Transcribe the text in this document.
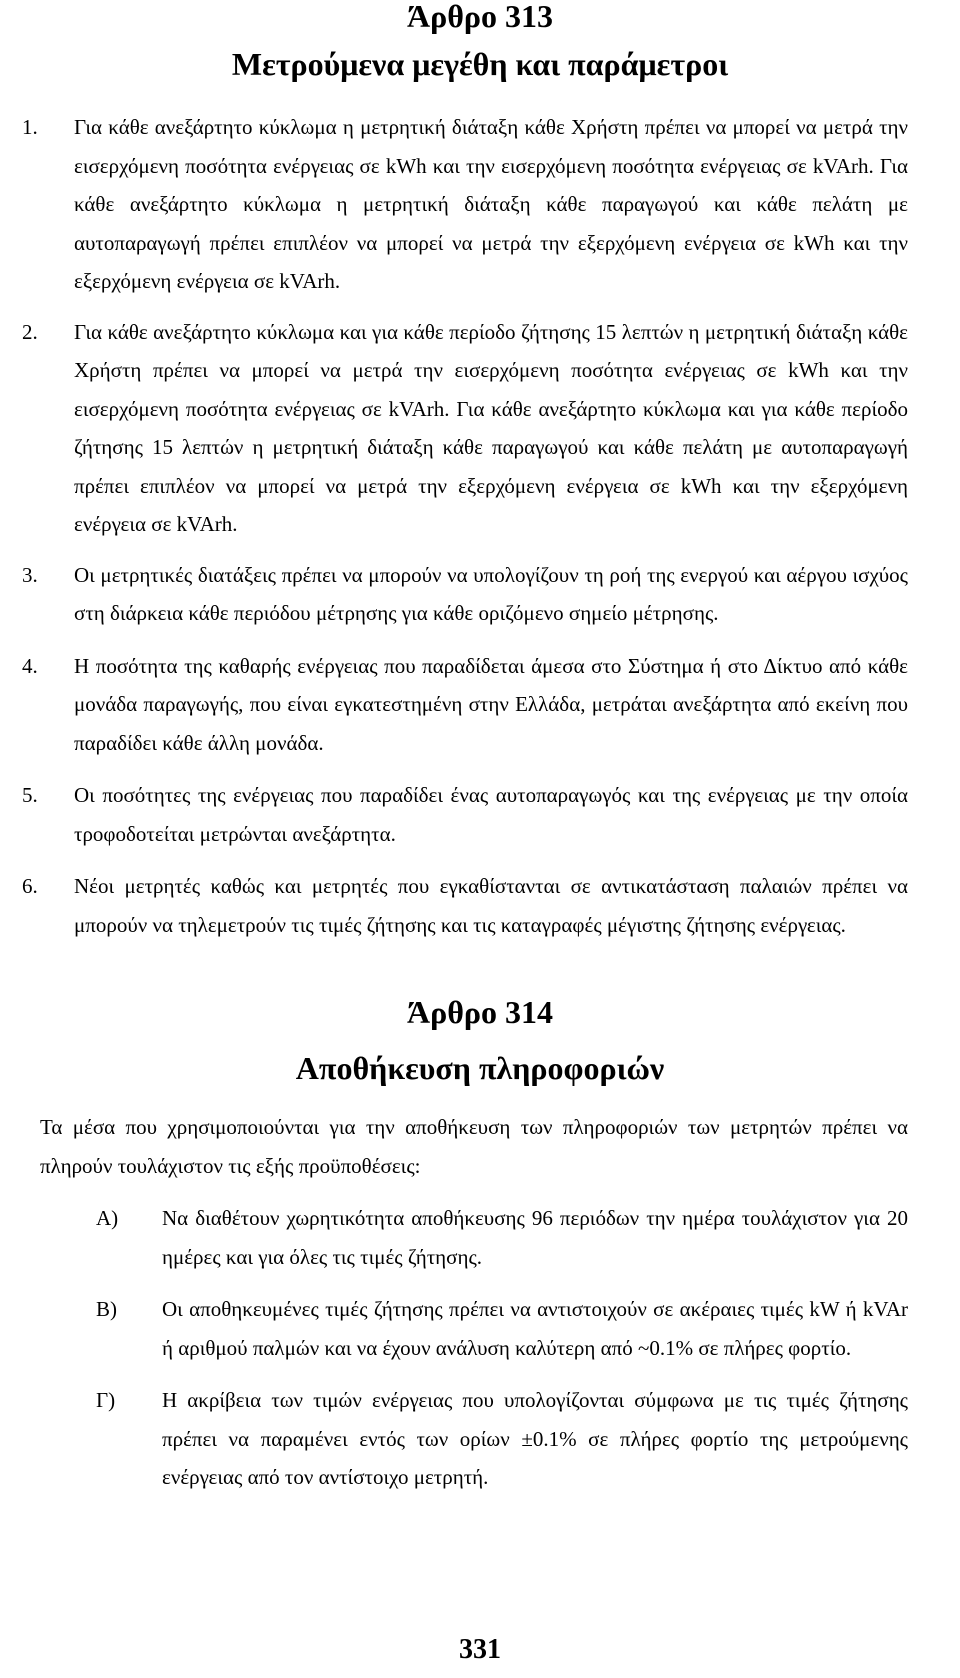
Άρθρο 313
Μετρούμενα μεγέθη και παράμετροι
1.	Για κάθε ανεξάρτητο κύκλωμα η μετρητική διάταξη κάθε Χρήστη πρέπει να μπορεί να μετρά την εισερχόμενη ποσότητα ενέργειας σε kWh και την εισερχόμενη ποσότητα ενέργειας σε kVArh. Για κάθε ανεξάρτητο κύκλωμα η μετρητική διάταξη κάθε παραγωγού και κάθε πελάτη με αυτοπαραγωγή πρέπει επιπλέον να μπορεί να μετρά την εξερχόμενη ενέργεια σε kWh και την εξερχόμενη ενέργεια σε kVArh.
2.	Για κάθε ανεξάρτητο κύκλωμα και για κάθε περίοδο ζήτησης 15 λεπτών η μετρητική διάταξη κάθε Χρήστη πρέπει να μπορεί να μετρά την εισερχόμενη ποσότητα ενέργειας σε kWh και την εισερχόμενη ποσότητα ενέργειας σε kVArh. Για κάθε ανεξάρτητο κύκλωμα και για κάθε περίοδο ζήτησης 15 λεπτών η μετρητική διάταξη κάθε παραγωγού και κάθε πελάτη με αυτοπαραγωγή πρέπει επιπλέον να μπορεί να μετρά την εξερχόμενη ενέργεια σε kWh και την εξερχόμενη ενέργεια σε kVArh.
3.	Οι μετρητικές διατάξεις πρέπει να μπορούν να υπολογίζουν τη ροή της ενεργού και αέργου ισχύος στη διάρκεια κάθε περιόδου μέτρησης για κάθε οριζόμενο σημείο μέτρησης.
4.	Η ποσότητα της καθαρής ενέργειας που παραδίδεται άμεσα στο Σύστημα ή στο Δίκτυο από κάθε μονάδα παραγωγής, που είναι εγκατεστημένη στην Ελλάδα, μετράται ανεξάρτητα από εκείνη που παραδίδει κάθε άλλη μονάδα.
5.	Οι ποσότητες της ενέργειας που παραδίδει ένας αυτοπαραγωγός και της ενέργειας με την οποία τροφοδοτείται μετρώνται ανεξάρτητα.
6.	Νέοι μετρητές καθώς και μετρητές που εγκαθίστανται σε αντικατάσταση παλαιών πρέπει να μπορούν να τηλεμετρούν τις τιμές ζήτησης και τις καταγραφές μέγιστης ζήτησης ενέργειας.
Άρθρο 314
Αποθήκευση πληροφοριών

Τα μέσα που χρησιμοποιούνται για την αποθήκευση των πληροφοριών των μετρητών πρέπει να πληρούν τουλάχιστον τις εξής προϋποθέσεις:

Α)	Να διαθέτουν χωρητικότητα αποθήκευσης 96 περιόδων την ημέρα τουλάχιστον για 20 ημέρες και για όλες τις τιμές ζήτησης.
Β)	Οι αποθηκευμένες τιμές ζήτησης πρέπει να αντιστοιχούν σε ακέραιες τιμές kW ή kVAr ή αριθμού παλμών και να έχουν ανάλυση καλύτερη από ~0.1% σε πλήρες φορτίο.
Γ)	Η ακρίβεια των τιμών ενέργειας που υπολογίζονται σύμφωνα με τις τιμές ζήτησης πρέπει να παραμένει εντός των ορίων ±0.1% σε πλήρες φορτίο της μετρούμενης ενέργειας από τον αντίστοιχο μετρητή.
331
